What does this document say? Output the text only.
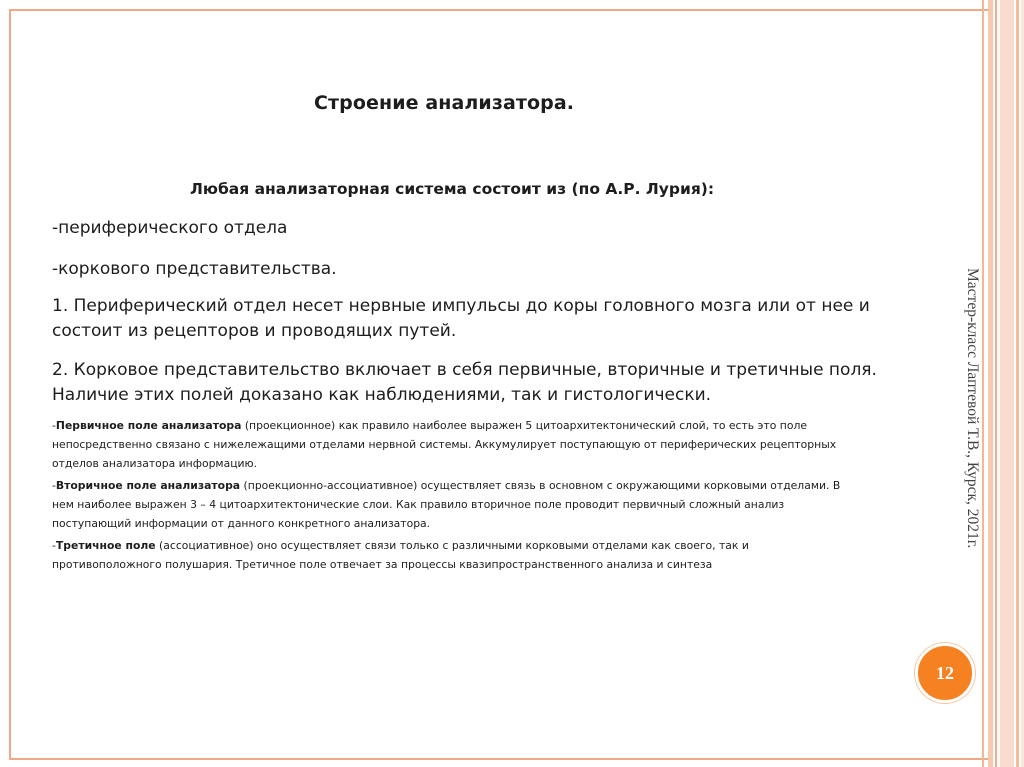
Строение анализатора.
Любая анализаторная система состоит из (по А.Р. Лурия):
-периферического отдела
-коркового представительства.
1. Периферический отдел несет нервные импульсы до коры головного мозга или от нее и состоит из рецепторов и проводящих путей.
2. Корковое представительство включает в себя первичные, вторичные и третичные поля. Наличие этих полей доказано как наблюдениями, так и гистологически.
-Первичное поле анализатора (проекционное) как правило наиболее выражен 5 цитоархитектонический слой, то есть это поле непосредственно связано с нижележащими отделами нервной системы. Аккумулирует поступающую от периферических рецепторных отделов анализатора информацию.
-Вторичное поле анализатора (проекционно-ассоциативное) осуществляет связь в основном с окружающими корковыми отделами. В нем наиболее выражен 3 – 4 цитоархитектонические слои. Как правило вторичное поле проводит первичный сложный анализ поступающий информации от данного конкретного анализатора.
-Третичное поле (ассоциативное) оно осуществляет связи только с различными корковыми отделами как своего, так и противоположного полушария. Третичное поле отвечает за процессы квазипространственного анализа и синтеза
Мастер-класс Лаптевой Т.В., Курск, 2021г.
12
